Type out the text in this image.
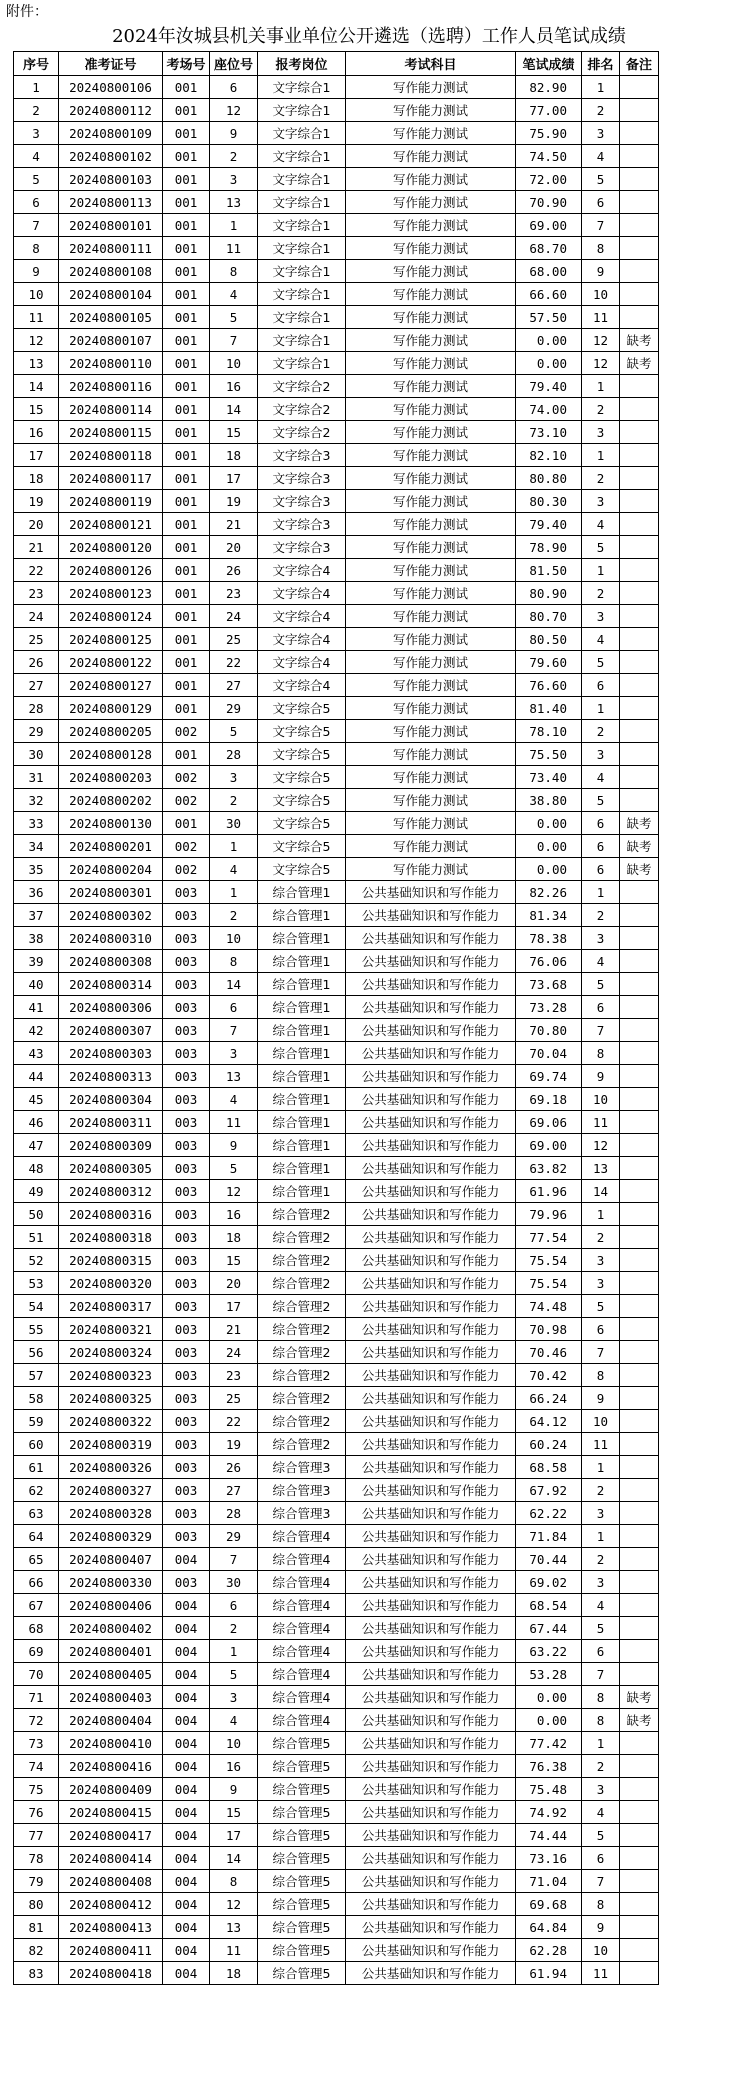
附件：
2024年汝城县机关事业单位公开遴选（选聘）工作人员笔试成绩
序号	准考证号	考场号	座位号	报考岗位	考试科目	笔试成绩	排名	备注
1	20240800106	001	6	文字综合1	写作能力测试	82.90	1	
2	20240800112	001	12	文字综合1	写作能力测试	77.00	2	
3	20240800109	001	9	文字综合1	写作能力测试	75.90	3	
4	20240800102	001	2	文字综合1	写作能力测试	74.50	4	
5	20240800103	001	3	文字综合1	写作能力测试	72.00	5	
6	20240800113	001	13	文字综合1	写作能力测试	70.90	6	
7	20240800101	001	1	文字综合1	写作能力测试	69.00	7	
8	20240800111	001	11	文字综合1	写作能力测试	68.70	8	
9	20240800108	001	8	文字综合1	写作能力测试	68.00	9	
10	20240800104	001	4	文字综合1	写作能力测试	66.60	10	
11	20240800105	001	5	文字综合1	写作能力测试	57.50	11	
12	20240800107	001	7	文字综合1	写作能力测试	0.00	12	缺考
13	20240800110	001	10	文字综合1	写作能力测试	0.00	12	缺考
14	20240800116	001	16	文字综合2	写作能力测试	79.40	1	
15	20240800114	001	14	文字综合2	写作能力测试	74.00	2	
16	20240800115	001	15	文字综合2	写作能力测试	73.10	3	
17	20240800118	001	18	文字综合3	写作能力测试	82.10	1	
18	20240800117	001	17	文字综合3	写作能力测试	80.80	2	
19	20240800119	001	19	文字综合3	写作能力测试	80.30	3	
20	20240800121	001	21	文字综合3	写作能力测试	79.40	4	
21	20240800120	001	20	文字综合3	写作能力测试	78.90	5	
22	20240800126	001	26	文字综合4	写作能力测试	81.50	1	
23	20240800123	001	23	文字综合4	写作能力测试	80.90	2	
24	20240800124	001	24	文字综合4	写作能力测试	80.70	3	
25	20240800125	001	25	文字综合4	写作能力测试	80.50	4	
26	20240800122	001	22	文字综合4	写作能力测试	79.60	5	
27	20240800127	001	27	文字综合4	写作能力测试	76.60	6	
28	20240800129	001	29	文字综合5	写作能力测试	81.40	1	
29	20240800205	002	5	文字综合5	写作能力测试	78.10	2	
30	20240800128	001	28	文字综合5	写作能力测试	75.50	3	
31	20240800203	002	3	文字综合5	写作能力测试	73.40	4	
32	20240800202	002	2	文字综合5	写作能力测试	38.80	5	
33	20240800130	001	30	文字综合5	写作能力测试	0.00	6	缺考
34	20240800201	002	1	文字综合5	写作能力测试	0.00	6	缺考
35	20240800204	002	4	文字综合5	写作能力测试	0.00	6	缺考
36	20240800301	003	1	综合管理1	公共基础知识和写作能力	82.26	1	
37	20240800302	003	2	综合管理1	公共基础知识和写作能力	81.34	2	
38	20240800310	003	10	综合管理1	公共基础知识和写作能力	78.38	3	
39	20240800308	003	8	综合管理1	公共基础知识和写作能力	76.06	4	
40	20240800314	003	14	综合管理1	公共基础知识和写作能力	73.68	5	
41	20240800306	003	6	综合管理1	公共基础知识和写作能力	73.28	6	
42	20240800307	003	7	综合管理1	公共基础知识和写作能力	70.80	7	
43	20240800303	003	3	综合管理1	公共基础知识和写作能力	70.04	8	
44	20240800313	003	13	综合管理1	公共基础知识和写作能力	69.74	9	
45	20240800304	003	4	综合管理1	公共基础知识和写作能力	69.18	10	
46	20240800311	003	11	综合管理1	公共基础知识和写作能力	69.06	11	
47	20240800309	003	9	综合管理1	公共基础知识和写作能力	69.00	12	
48	20240800305	003	5	综合管理1	公共基础知识和写作能力	63.82	13	
49	20240800312	003	12	综合管理1	公共基础知识和写作能力	61.96	14	
50	20240800316	003	16	综合管理2	公共基础知识和写作能力	79.96	1	
51	20240800318	003	18	综合管理2	公共基础知识和写作能力	77.54	2	
52	20240800315	003	15	综合管理2	公共基础知识和写作能力	75.54	3	
53	20240800320	003	20	综合管理2	公共基础知识和写作能力	75.54	3	
54	20240800317	003	17	综合管理2	公共基础知识和写作能力	74.48	5	
55	20240800321	003	21	综合管理2	公共基础知识和写作能力	70.98	6	
56	20240800324	003	24	综合管理2	公共基础知识和写作能力	70.46	7	
57	20240800323	003	23	综合管理2	公共基础知识和写作能力	70.42	8	
58	20240800325	003	25	综合管理2	公共基础知识和写作能力	66.24	9	
59	20240800322	003	22	综合管理2	公共基础知识和写作能力	64.12	10	
60	20240800319	003	19	综合管理2	公共基础知识和写作能力	60.24	11	
61	20240800326	003	26	综合管理3	公共基础知识和写作能力	68.58	1	
62	20240800327	003	27	综合管理3	公共基础知识和写作能力	67.92	2	
63	20240800328	003	28	综合管理3	公共基础知识和写作能力	62.22	3	
64	20240800329	003	29	综合管理4	公共基础知识和写作能力	71.84	1	
65	20240800407	004	7	综合管理4	公共基础知识和写作能力	70.44	2	
66	20240800330	003	30	综合管理4	公共基础知识和写作能力	69.02	3	
67	20240800406	004	6	综合管理4	公共基础知识和写作能力	68.54	4	
68	20240800402	004	2	综合管理4	公共基础知识和写作能力	67.44	5	
69	20240800401	004	1	综合管理4	公共基础知识和写作能力	63.22	6	
70	20240800405	004	5	综合管理4	公共基础知识和写作能力	53.28	7	
71	20240800403	004	3	综合管理4	公共基础知识和写作能力	0.00	8	缺考
72	20240800404	004	4	综合管理4	公共基础知识和写作能力	0.00	8	缺考
73	20240800410	004	10	综合管理5	公共基础知识和写作能力	77.42	1	
74	20240800416	004	16	综合管理5	公共基础知识和写作能力	76.38	2	
75	20240800409	004	9	综合管理5	公共基础知识和写作能力	75.48	3	
76	20240800415	004	15	综合管理5	公共基础知识和写作能力	74.92	4	
77	20240800417	004	17	综合管理5	公共基础知识和写作能力	74.44	5	
78	20240800414	004	14	综合管理5	公共基础知识和写作能力	73.16	6	
79	20240800408	004	8	综合管理5	公共基础知识和写作能力	71.04	7	
80	20240800412	004	12	综合管理5	公共基础知识和写作能力	69.68	8	
81	20240800413	004	13	综合管理5	公共基础知识和写作能力	64.84	9	
82	20240800411	004	11	综合管理5	公共基础知识和写作能力	62.28	10	
83	20240800418	004	18	综合管理5	公共基础知识和写作能力	61.94	11	
